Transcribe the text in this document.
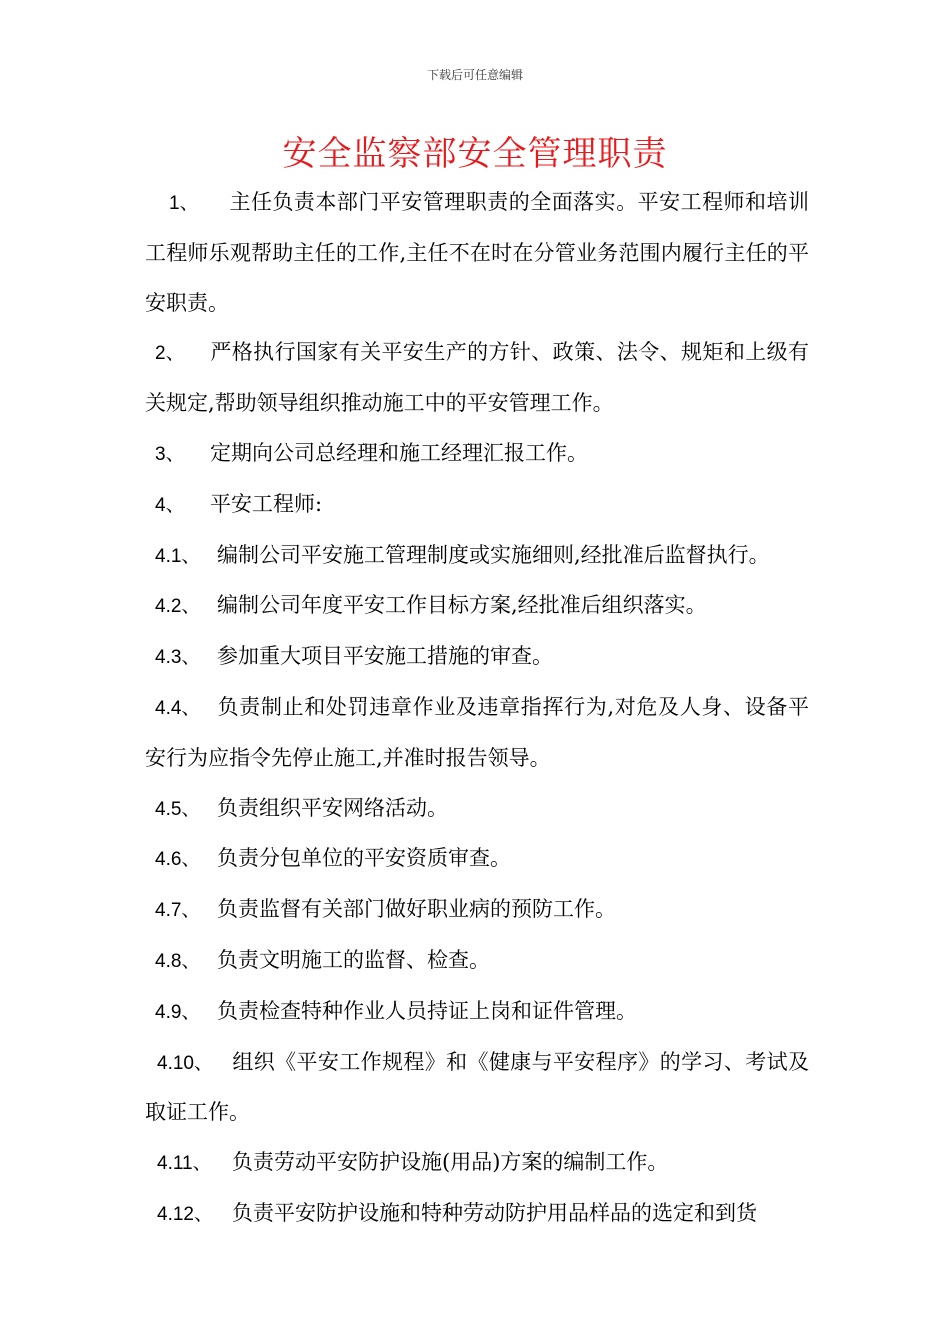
下载后可任意编辑
安全监察部安全管理职责

1、 主任负责本部门平安管理职责的全面落实。平安工程师和培训工程师乐观帮助主任的工作,主任不在时在分管业务范围内履行主任的平安职责。

2、 严格执行国家有关平安生产的方针、政策、法令、规矩和上级有关规定,帮助领导组织推动施工中的平安管理工作。

3、 定期向公司总经理和施工经理汇报工作。

4、 平安工程师:

4.1、 编制公司平安施工管理制度或实施细则,经批准后监督执行。

4.2、 编制公司年度平安工作目标方案,经批准后组织落实。

4.3、 参加重大项目平安施工措施的审查。

4.4、 负责制止和处罚违章作业及违章指挥行为,对危及人身、设备平安行为应指令先停止施工,并准时报告领导。

4.5、 负责组织平安网络活动。

4.6、 负责分包单位的平安资质审查。

4.7、 负责监督有关部门做好职业病的预防工作。

4.8、 负责文明施工的监督、检查。

4.9、 负责检查特种作业人员持证上岗和证件管理。

4.10、 组织《平安工作规程》和《健康与平安程序》的学习、考试及取证工作。

4.11、 负责劳动平安防护设施(用品)方案的编制工作。

4.12、 负责平安防护设施和特种劳动防护用品样品的选定和到货
